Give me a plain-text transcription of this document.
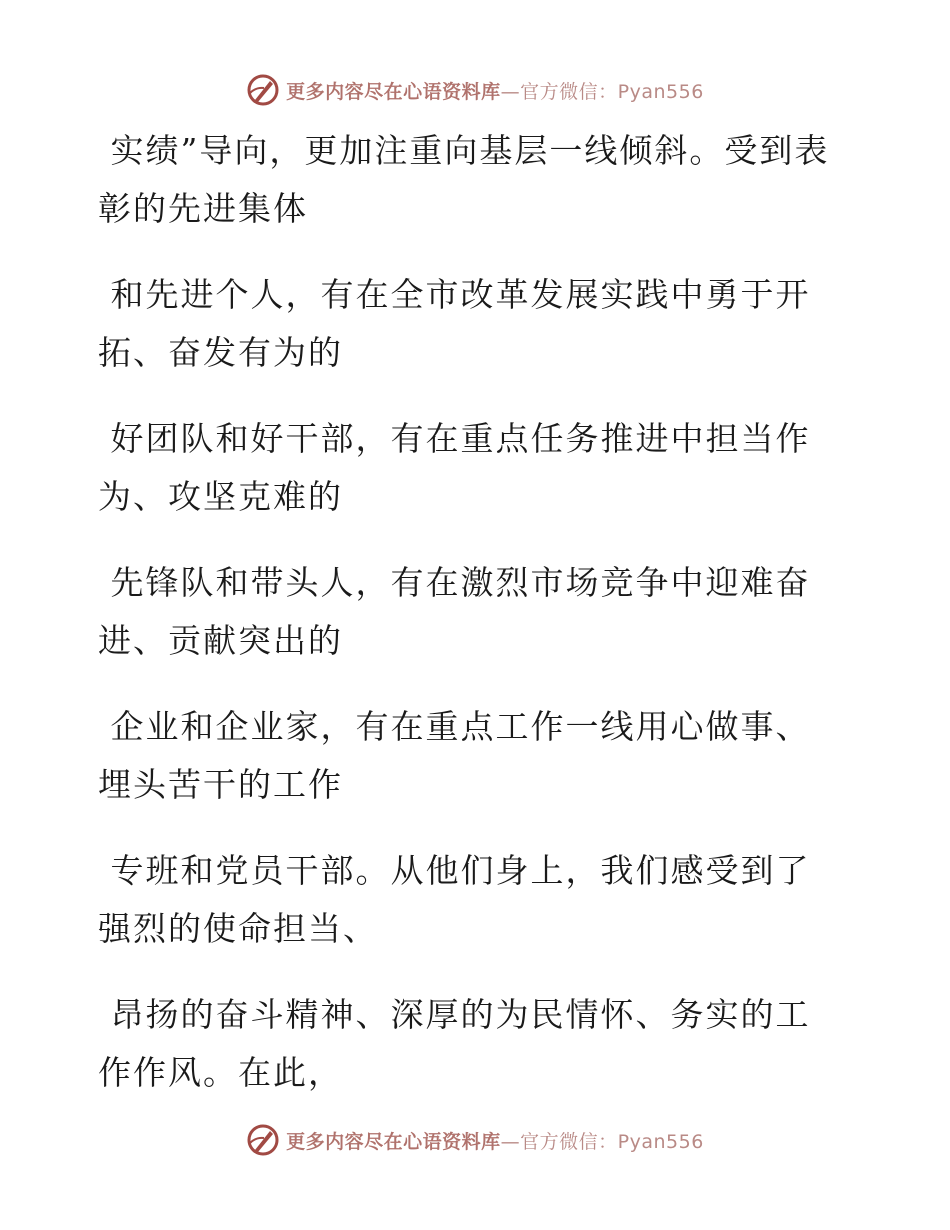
更多内容尽在心语资料库—官方微信：Pyan556

实绩”导向，更加注重向基层一线倾斜。受到表彰的先进集体

和先进个人，有在全市改革发展实践中勇于开拓、奋发有为的

好团队和好干部，有在重点任务推进中担当作为、攻坚克难的

先锋队和带头人，有在激烈市场竞争中迎难奋进、贡献突出的

企业和企业家，有在重点工作一线用心做事、埋头苦干的工作

专班和党员干部。从他们身上，我们感受到了强烈的使命担当、

昂扬的奋斗精神、深厚的为民情怀、务实的工作作风。在此，

更多内容尽在心语资料库—官方微信：Pyan556
